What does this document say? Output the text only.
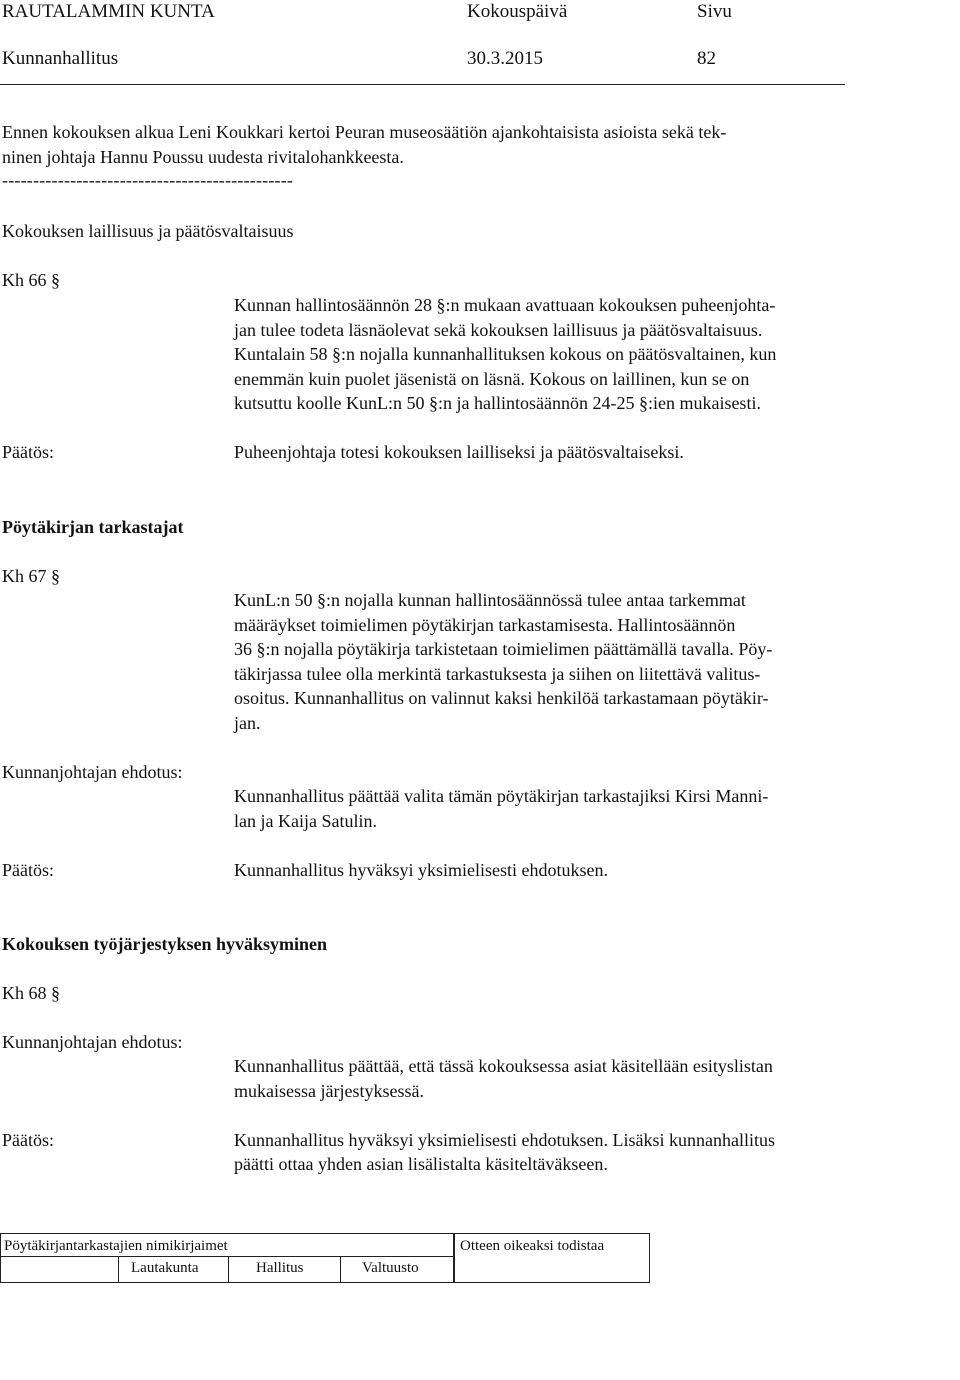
RAUTALAMMIN KUNTA	Kokouspäivä	Sivu
Kunnanhallitus	30.3.2015	82
Ennen kokouksen alkua Leni Koukkari kertoi Peuran museosäätiön ajankohtaisista asioista sekä tek-
ninen johtaja Hannu Poussu uudesta rivitalohankkeesta.
-----------------------------------------------
Kokouksen laillisuus ja päätösvaltaisuus
Kh 66 §
Kunnan hallintosäännön 28 §:n mukaan avattuaan kokouksen puheenjohta-
jan tulee todeta läsnäolevat sekä kokouksen laillisuus ja päätösvaltaisuus.
Kuntalain 58 §:n nojalla kunnanhallituksen kokous on päätösvaltainen, kun
enemmän kuin puolet jäsenistä on läsnä. Kokous on laillinen, kun se on
kutsuttu koolle KunL:n 50 §:n ja hallintosäännön 24-25 §:ien mukaisesti.
Päätös:	Puheenjohtaja totesi kokouksen lailliseksi ja päätösvaltaiseksi.
Pöytäkirjan tarkastajat
Kh 67 §
KunL:n 50 §:n nojalla kunnan hallintosäännössä tulee antaa tarkemmat
määräykset toimielimen pöytäkirjan tarkastamisesta. Hallintosäännön
36 §:n nojalla pöytäkirja tarkistetaan toimielimen päättämällä tavalla. Pöy-
täkirjassa tulee olla merkintä tarkastuksesta ja siihen on liitettävä valitus-
osoitus. Kunnanhallitus on valinnut kaksi henkilöä tarkastamaan pöytäkir-
jan.
Kunnanjohtajan ehdotus:
Kunnanhallitus päättää valita tämän pöytäkirjan tarkastajiksi Kirsi Manni-
lan ja Kaija Satulin.
Päätös:	Kunnanhallitus hyväksyi yksimielisesti ehdotuksen.
Kokouksen työjärjestyksen hyväksyminen
Kh 68 §
Kunnanjohtajan ehdotus:
Kunnanhallitus päättää, että tässä kokouksessa asiat käsitellään esityslistan
mukaisessa järjestyksessä.
Päätös:	Kunnanhallitus hyväksyi yksimielisesti ehdotuksen. Lisäksi kunnanhallitus
päätti ottaa yhden asian lisälistalta käsiteltäväkseen.
Pöytäkirjantarkastajien nimikirjaimet
Lautakunta	Hallitus	Valtuusto
Otteen oikeaksi todistaa
